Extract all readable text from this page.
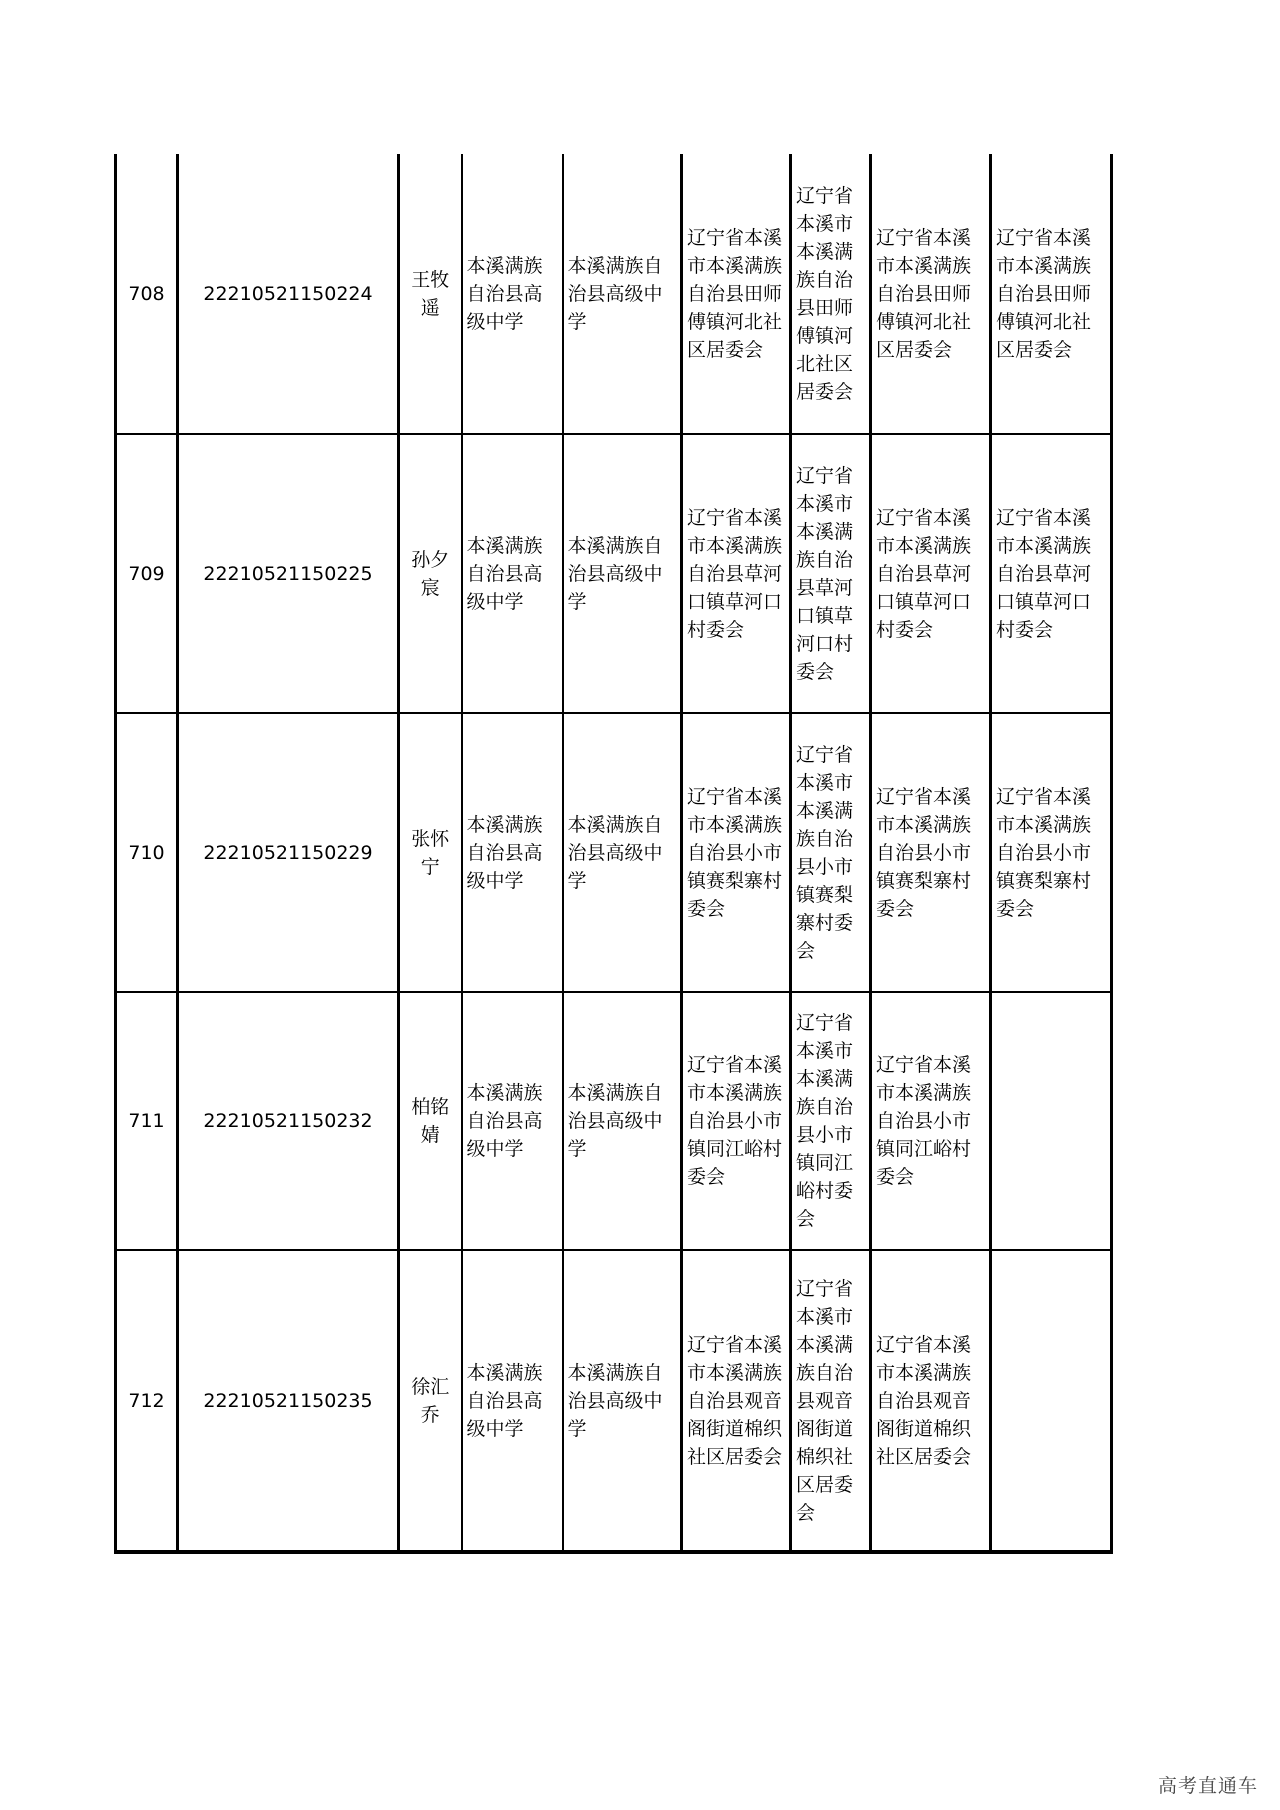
708	22210521150224	王牧遥	本溪满族自治县高级中学	本溪满族自治县高级中学	辽宁省本溪市本溪满族自治县田师傅镇河北社区居委会	辽宁省本溪市本溪满族自治县田师傅镇河北社区居委会	辽宁省本溪市本溪满族自治县田师傅镇河北社区居委会	辽宁省本溪市本溪满族自治县田师傅镇河北社区居委会
709	22210521150225	孙夕宸	本溪满族自治县高级中学	本溪满族自治县高级中学	辽宁省本溪市本溪满族自治县草河口镇草河口村委会	辽宁省本溪市本溪满族自治县草河口镇草河口村委会	辽宁省本溪市本溪满族自治县草河口镇草河口村委会	辽宁省本溪市本溪满族自治县草河口镇草河口村委会
710	22210521150229	张怀宁	本溪满族自治县高级中学	本溪满族自治县高级中学	辽宁省本溪市本溪满族自治县小市镇赛梨寨村委会	辽宁省本溪市本溪满族自治县小市镇赛梨寨村委会	辽宁省本溪市本溪满族自治县小市镇赛梨寨村委会	辽宁省本溪市本溪满族自治县小市镇赛梨寨村委会
711	22210521150232	柏铭婧	本溪满族自治县高级中学	本溪满族自治县高级中学	辽宁省本溪市本溪满族自治县小市镇同江峪村委会	辽宁省本溪市本溪满族自治县小市镇同江峪村委会	辽宁省本溪市本溪满族自治县小市镇同江峪村委会	
712	22210521150235	徐汇乔	本溪满族自治县高级中学	本溪满族自治县高级中学	辽宁省本溪市本溪满族自治县观音阁街道棉织社区居委会	辽宁省本溪市本溪满族自治县观音阁街道棉织社区居委会	辽宁省本溪市本溪满族自治县观音阁街道棉织社区居委会	
高考直通车
